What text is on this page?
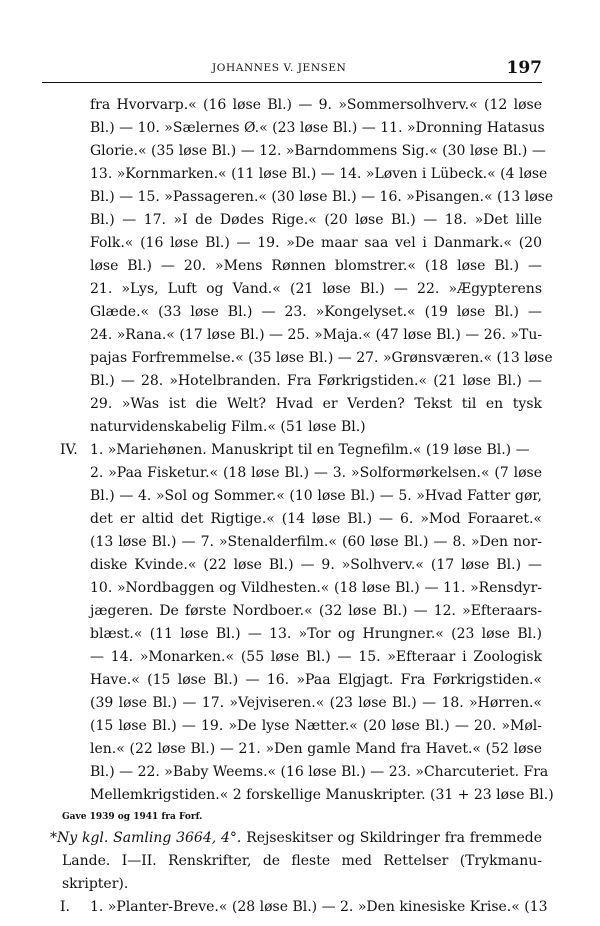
JOHANNES V. JENSEN	197
fra Hvorvarp.« (16 løse Bl.) — 9. »Sommersolhverv.« (12 løse
Bl.) — 10. »Sælernes Ø.« (23 løse Bl.) — 11. »Dronning Hatasus
Glorie.« (35 løse Bl.) — 12. »Barndommens Sig.« (30 løse Bl.) —
13. »Kornmarken.« (11 løse Bl.) — 14. »Løven i Lübeck.« (4 løse
Bl.) — 15. »Passageren.« (30 løse Bl.) — 16. »Pisangen.« (13 løse
Bl.) — 17. »I de Dødes Rige.« (20 løse Bl.) — 18. »Det lille
Folk.« (16 løse Bl.) — 19. »De maar saa vel i Danmark.« (20
løse Bl.) — 20. »Mens Rønnen blomstrer.« (18 løse Bl.) —
21. »Lys, Luft og Vand.« (21 løse Bl.) — 22. »Ægypterens
Glæde.« (33 løse Bl.) — 23. »Kongelyset.« (19 løse Bl.) —
24. »Rana.« (17 løse Bl.) — 25. »Maja.« (47 løse Bl.) — 26. »Tu-
pajas Forfremmelse.« (35 løse Bl.) — 27. »Grønsværen.« (13 løse
Bl.) — 28. »Hotelbranden. Fra Førkrigstiden.« (21 løse Bl.) —
29. »Was ist die Welt? Hvad er Verden? Tekst til en tysk
naturvidenskabelig Film.« (51 løse Bl.)
IV. 1. »Mariehønen. Manuskript til en Tegnefilm.« (19 løse Bl.) —
2. »Paa Fisketur.« (18 løse Bl.) — 3. »Solformørkelsen.« (7 løse
Bl.) — 4. »Sol og Sommer.« (10 løse Bl.) — 5. »Hvad Fatter gør,
det er altid det Rigtige.« (14 løse Bl.) — 6. »Mod Foraaret.«
(13 løse Bl.) — 7. »Stenalderfilm.« (60 løse Bl.) — 8. »Den nor-
diske Kvinde.« (22 løse Bl.) — 9. »Solhverv.« (17 løse Bl.) —
10. »Nordbaggen og Vildhesten.« (18 løse Bl.) — 11. »Rensdyr-
jægeren. De første Nordboer.« (32 løse Bl.) — 12. »Efteraars-
blæst.« (11 løse Bl.) — 13. »Tor og Hrungner.« (23 løse Bl.)
— 14. »Monarken.« (55 løse Bl.) — 15. »Efteraar i Zoologisk
Have.« (15 løse Bl.) — 16. »Paa Elgjagt. Fra Førkrigstiden.«
(39 løse Bl.) — 17. »Vejviseren.« (23 løse Bl.) — 18. »Hørren.«
(15 løse Bl.) — 19. »De lyse Nætter.« (20 løse Bl.) — 20. »Møl-
len.« (22 løse Bl.) — 21. »Den gamle Mand fra Havet.« (52 løse
Bl.) — 22. »Baby Weems.« (16 løse Bl.) — 23. »Charcuteriet. Fra
Mellemkrigstiden.« 2 forskellige Manuskripter. (31 + 23 løse Bl.)
Gave 1939 og 1941 fra Forf.
*Ny kgl. Samling 3664, 4°. Rejseskitser og Skildringer fra fremmede
Lande. I—II. Renskrifter, de fleste med Rettelser (Trykmanu-
skripter).
I. 1. »Planter-Breve.« (28 løse Bl.) — 2. »Den kinesiske Krise.« (13
